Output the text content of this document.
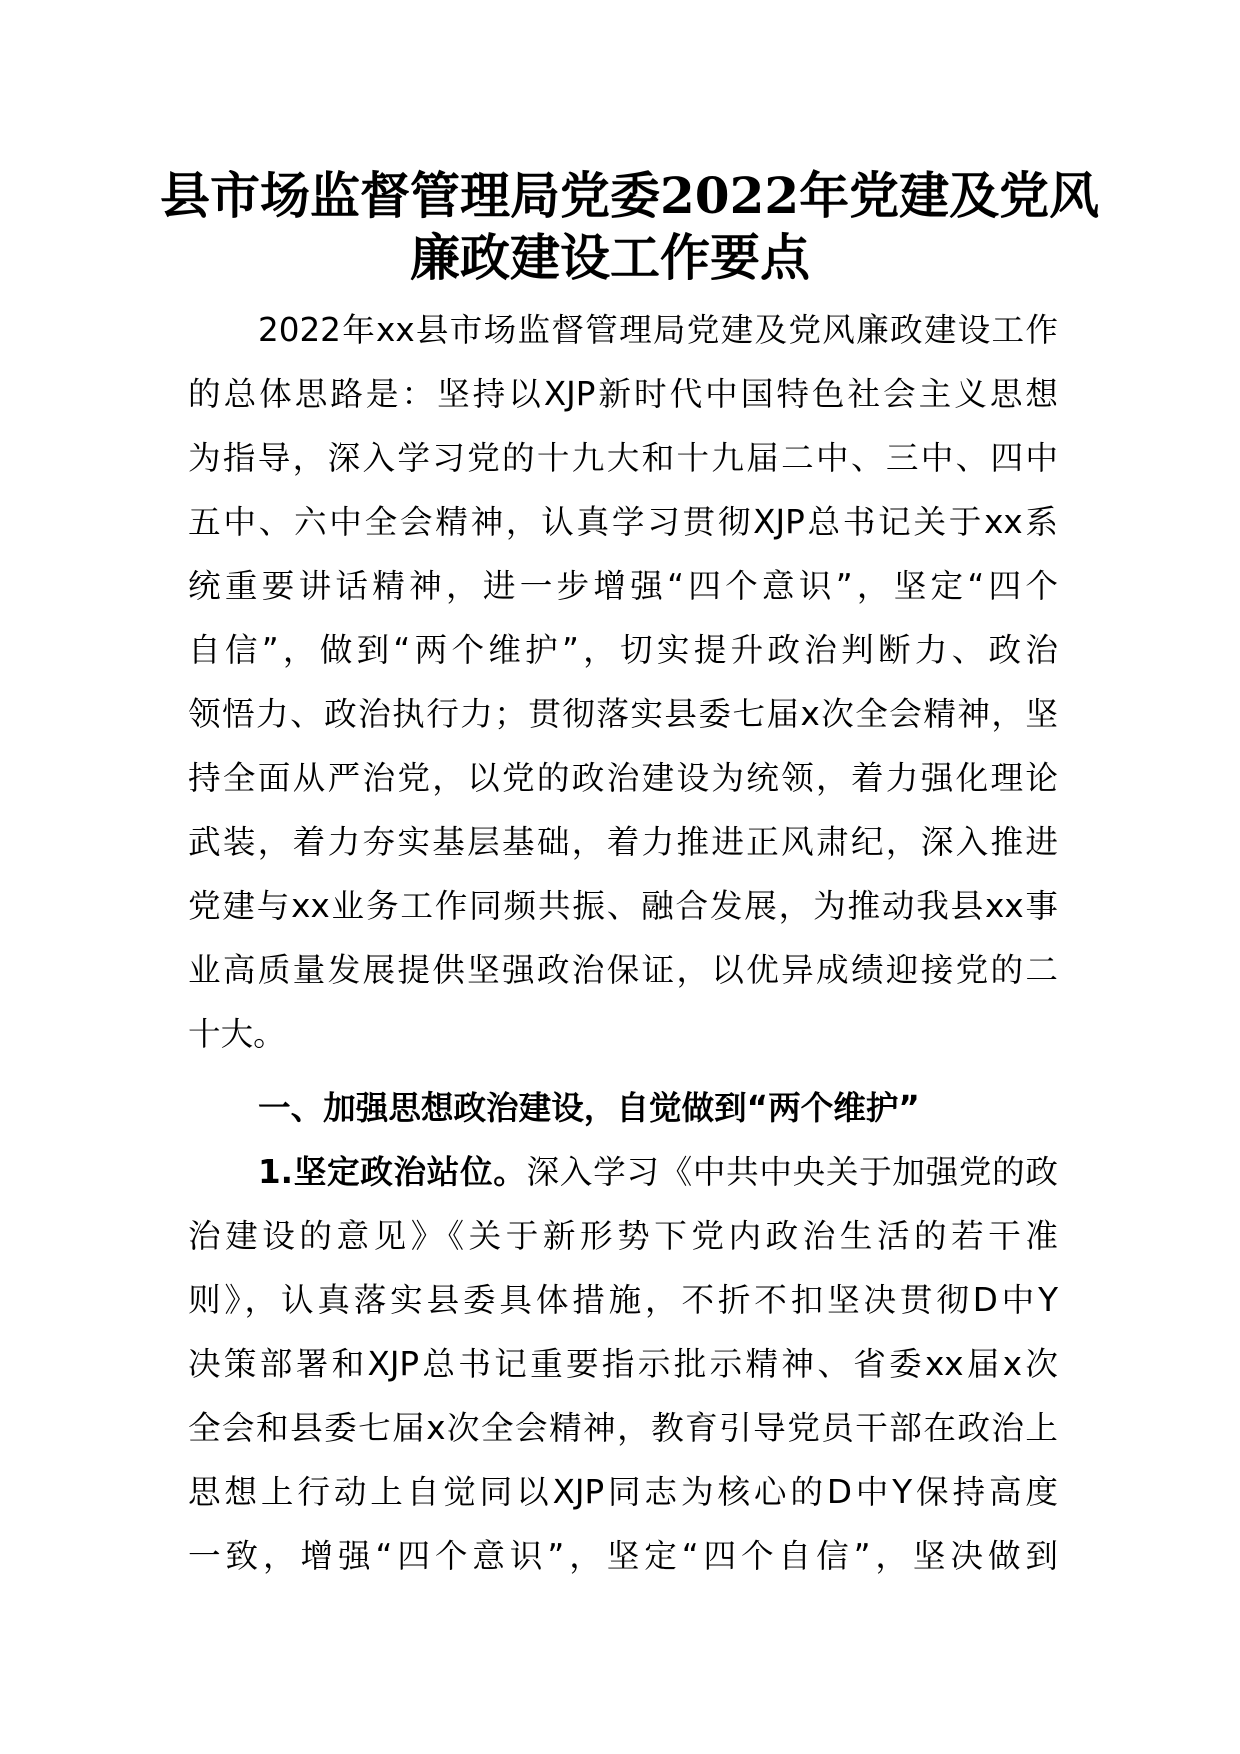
县市场监督管理局党委2022年党建及党风
廉政建设工作要点
2022年xx县市场监督管理局党建及党风廉政建设工作
的总体思路是：坚持以XJP新时代中国特色社会主义思想
为指导，深入学习党的十九大和十九届二中、三中、四中
五中、六中全会精神，认真学习贯彻XJP总书记关于xx系
统重要讲话精神，进一步增强“四个意识”，坚定“四个
自信”，做到“两个维护”，切实提升政治判断力、政治
领悟力、政治执行力；贯彻落实县委七届x次全会精神，坚
持全面从严治党，以党的政治建设为统领，着力强化理论
武装，着力夯实基层基础，着力推进正风肃纪，深入推进
党建与xx业务工作同频共振、融合发展，为推动我县xx事
业高质量发展提供坚强政治保证，以优异成绩迎接党的二
十大。
一、加强思想政治建设，自觉做到“两个维护”
1.坚定政治站位。深入学习《中共中央关于加强党的政
治建设的意见》《关于新形势下党内政治生活的若干准
则》，认真落实县委具体措施，不折不扣坚决贯彻D中Y
决策部署和XJP总书记重要指示批示精神、省委xx届x次
全会和县委七届x次全会精神，教育引导党员干部在政治上
思想上行动上自觉同以XJP同志为核心的D中Y保持高度
一致，增强“四个意识”，坚定“四个自信”，坚决做到
